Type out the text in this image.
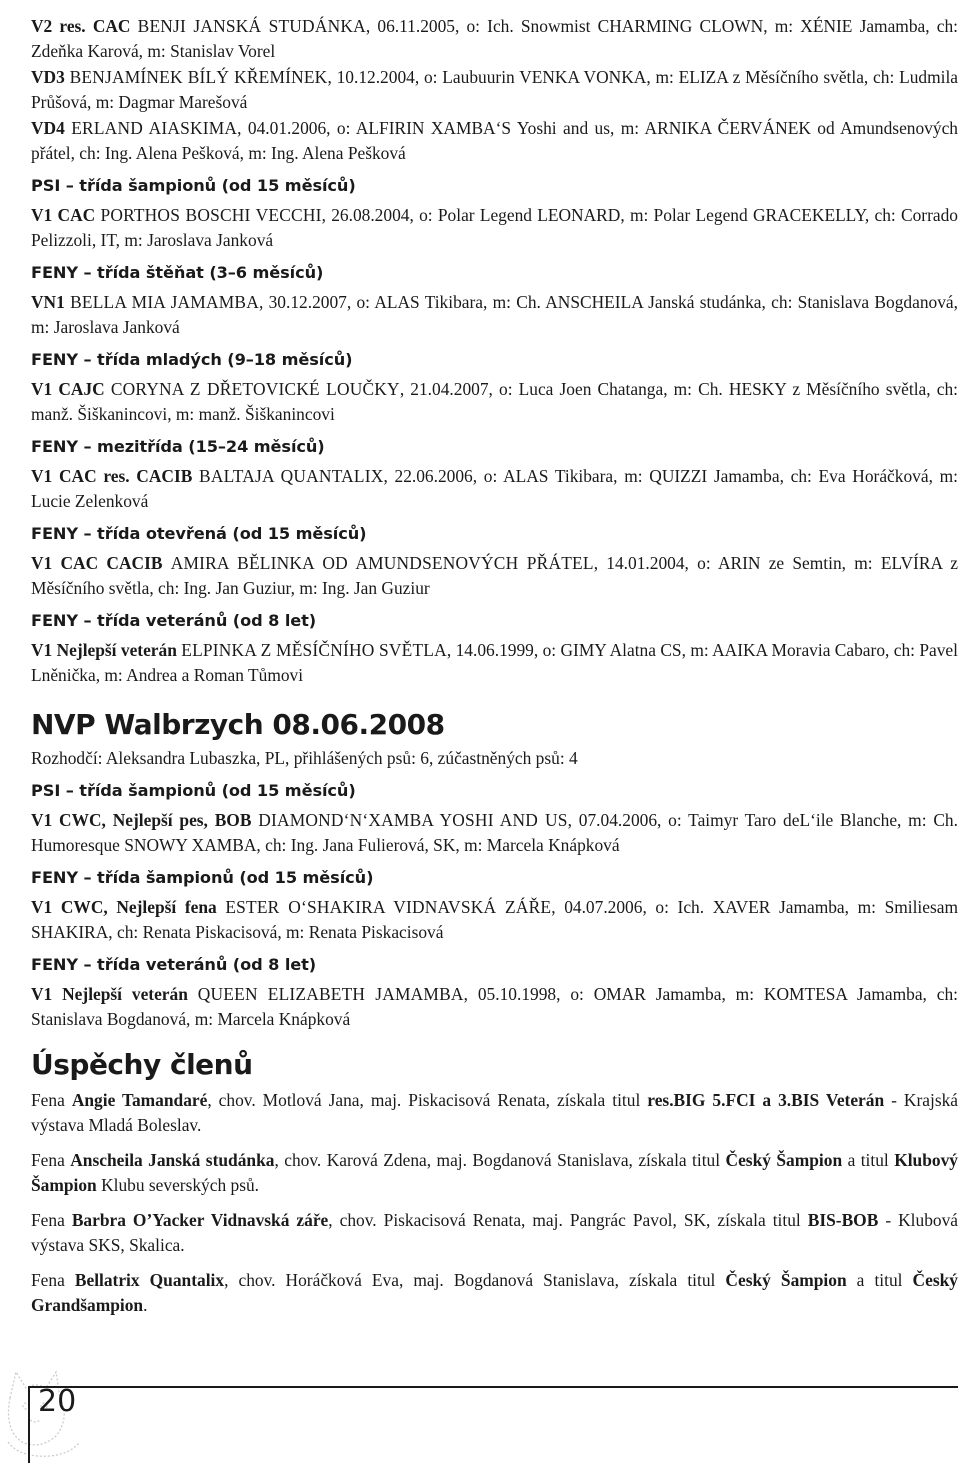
V2 res. CAC BENJI JANSKÁ STUDÁNKA, 06.11.2005, o: Ich. Snowmist CHARMING CLOWN, m: XÉNIE Jamamba, ch: Zdeňka Karová, m: Stanislav Vorel

VD3 BENJAMÍNEK BÍLÝ KŘEMÍNEK, 10.12.2004, o: Laubuurin VENKA VONKA, m: ELIZA z Měsíčního světla, ch: Ludmila Průšová, m: Dagmar Marešová

VD4 ERLAND AIASKIMA, 04.01.2006, o: ALFIRIN XAMBA‘S Yoshi and us, m: ARNIKA ČERVÁNEK od Amundsenových přátel, ch: Ing. Alena Pešková, m: Ing. Alena Pešková

PSI – třída šampionů (od 15 měsíců)

V1 CAC PORTHOS BOSCHI VECCHI, 26.08.2004, o: Polar Legend LEONARD, m: Polar Legend GRACEKELLY, ch: Corrado Pelizzoli, IT, m: Jaroslava Janková

FENY – třída štěňat (3–6 měsíců)

VN1 BELLA MIA JAMAMBA, 30.12.2007, o: ALAS Tikibara, m: Ch. ANSCHEILA Janská studánka, ch: Stanislava Bogdanová, m: Jaroslava Janková

FENY – třída mladých (9–18 měsíců)

V1 CAJC CORYNA Z DŘETOVICKÉ LOUČKY, 21.04.2007, o: Luca Joen Chatanga, m: Ch. HESKY z Měsíčního světla, ch: manž. Šiškanincovi, m: manž. Šiškanincovi

FENY – mezitřída (15–24 měsíců)

V1 CAC res. CACIB BALTAJA QUANTALIX, 22.06.2006, o: ALAS Tikibara, m: QUIZZI Jamamba, ch: Eva Horáčková, m: Lucie Zelenková

FENY – třída otevřená (od 15 měsíců)

V1 CAC CACIB AMIRA BĚLINKA OD AMUNDSENOVÝCH PŘÁTEL, 14.01.2004, o: ARIN ze Semtin, m: ELVÍRA z Měsíčního světla, ch: Ing. Jan Guziur, m: Ing. Jan Guziur

FENY – třída veteránů (od 8 let)

V1 Nejlepší veterán ELPINKA Z MĚSÍČNÍHO SVĚTLA, 14.06.1999, o: GIMY Alatna CS, m: AAIKA Moravia Cabaro, ch: Pavel Lněnička, m: Andrea a Roman Tůmovi

NVP Walbrzych 08.06.2008

Rozhodčí: Aleksandra Lubaszka, PL, přihlášených psů: 6, zúčastněných psů: 4

PSI – třída šampionů (od 15 měsíců)

V1 CWC, Nejlepší pes, BOB DIAMOND‘N‘XAMBA YOSHI AND US, 07.04.2006, o: Taimyr Taro deL‘ile Blanche, m: Ch. Humoresque SNOWY XAMBA, ch: Ing. Jana Fulierová, SK, m: Marcela Knápková

FENY – třída šampionů (od 15 měsíců)

V1 CWC, Nejlepší fena ESTER O‘SHAKIRA VIDNAVSKÁ ZÁŘE, 04.07.2006, o: Ich. XAVER Jamamba, m: Smiliesam SHAKIRA, ch: Renata Piskacisová, m: Renata Piskacisová

FENY – třída veteránů (od 8 let)

V1 Nejlepší veterán QUEEN ELIZABETH JAMAMBA, 05.10.1998, o: OMAR Jamamba, m: KOMTESA Jamamba, ch: Stanislava Bogdanová, m: Marcela Knápková

Úspěchy členů

Fena Angie Tamandaré, chov. Motlová Jana, maj. Piskacisová Renata, získala titul res.BIG 5.FCI a 3.BIS Veterán - Krajská výstava Mladá Boleslav.

Fena Anscheila Janská studánka, chov. Karová Zdena, maj. Bogdanová Stanislava, získala titul Český Šampion a titul Klubový Šampion Klubu severských psů.

Fena Barbra O’Yacker Vidnavská záře, chov. Piskacisová Renata, maj. Pangrác Pavol, SK, získala titul BIS-BOB - Klubová výstava SKS, Skalica.

Fena Bellatrix Quantalix, chov. Horáčková Eva, maj. Bogdanová Stanislava, získala titul Český Šampion a titul Český Grandšampion.

20
